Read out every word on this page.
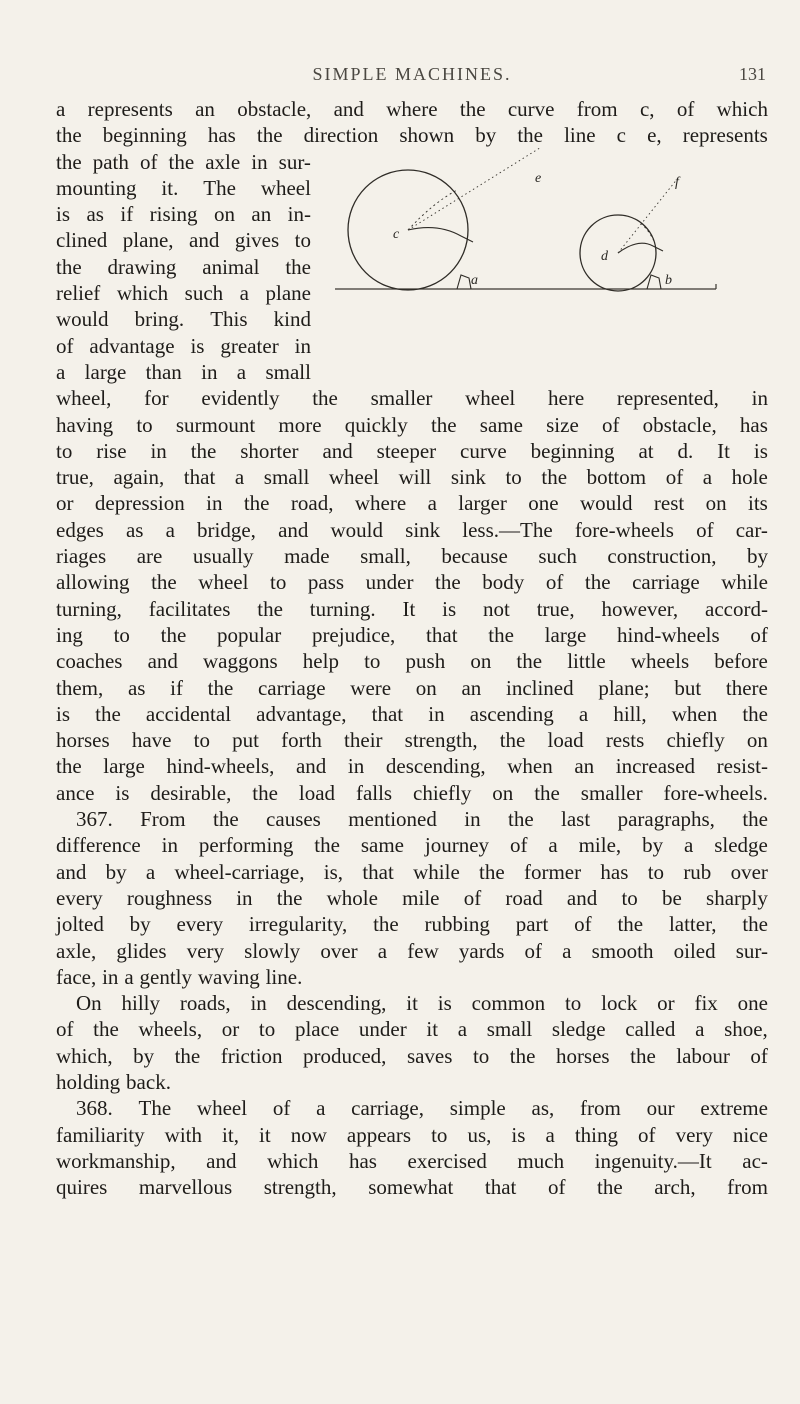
SIMPLE MACHINES.	131
e	f
c
d
a	b
a represents an obstacle, and where the curve from c, of which
the beginning has the direction shown by the line c e, represents
the path of the axle in sur-
mounting it. The wheel
is as if rising on an in-
clined plane, and gives to
the drawing animal the
relief which such a plane
would bring. This kind
of advantage is greater in
a large than in a small
wheel, for evidently the smaller wheel here represented, in
having to surmount more quickly the same size of obstacle, has
to rise in the shorter and steeper curve beginning at d. It is
true, again, that a small wheel will sink to the bottom of a hole
or depression in the road, where a larger one would rest on its
edges as a bridge, and would sink less.—The fore-wheels of car-
riages are usually made small, because such construction, by
allowing the wheel to pass under the body of the carriage while
turning, facilitates the turning. It is not true, however, accord-
ing to the popular prejudice, that the large hind-wheels of
coaches and waggons help to push on the little wheels before
them, as if the carriage were on an inclined plane; but there
is the accidental advantage, that in ascending a hill, when the
horses have to put forth their strength, the load rests chiefly on
the large hind-wheels, and in descending, when an increased resist-
ance is desirable, the load falls chiefly on the smaller fore-wheels.
367. From the causes mentioned in the last paragraphs, the
difference in performing the same journey of a mile, by a sledge
and by a wheel-carriage, is, that while the former has to rub over
every roughness in the whole mile of road and to be sharply
jolted by every irregularity, the rubbing part of the latter, the
axle, glides very slowly over a few yards of a smooth oiled sur-
face, in a gently waving line.
On hilly roads, in descending, it is common to lock or fix one
of the wheels, or to place under it a small sledge called a shoe,
which, by the friction produced, saves to the horses the labour of
holding back.
368. The wheel of a carriage, simple as, from our extreme
familiarity with it, it now appears to us, is a thing of very nice
workmanship, and which has exercised much ingenuity.—It ac-
quires marvellous strength, somewhat that of the arch, from
